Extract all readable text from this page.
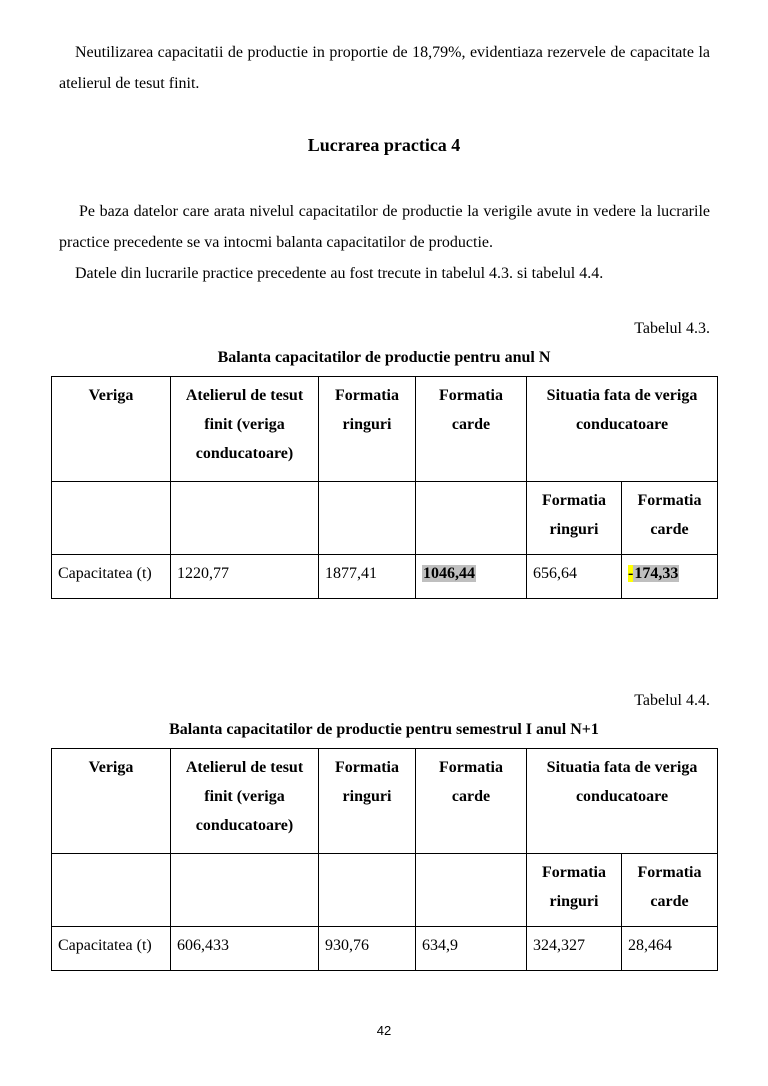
Neutilizarea capacitatii de productie in proportie de 18,79%, evidentiaza rezervele de capacitate la atelierul de tesut finit.

Lucrarea practica 4

Pe baza datelor care arata nivelul capacitatilor de productie la verigile avute in vedere la lucrarile practice precedente se va intocmi balanta capacitatilor de productie.

Datele din lucrarile practice precedente au fost trecute in tabelul 4.3. si tabelul 4.4.

Tabelul 4.3.

Balanta capacitatilor de productie pentru anul N

Veriga	Atelierul de tesut finit (veriga conducatoare)	Formatia ringuri	Formatia carde	Situatia fata de veriga conducatoare	
				Formatia ringuri	Formatia carde
Capacitatea (t)	1220,77	1877,41	1046,44	656,64	-174,33

Tabelul 4.4.

Balanta capacitatilor de productie pentru semestrul I anul N+1

Veriga	Atelierul de tesut finit (veriga conducatoare)	Formatia ringuri	Formatia carde	Situatia fata de veriga conducatoare	
				Formatia ringuri	Formatia carde
Capacitatea (t)	606,433	930,76	634,9	324,327	28,464
42
